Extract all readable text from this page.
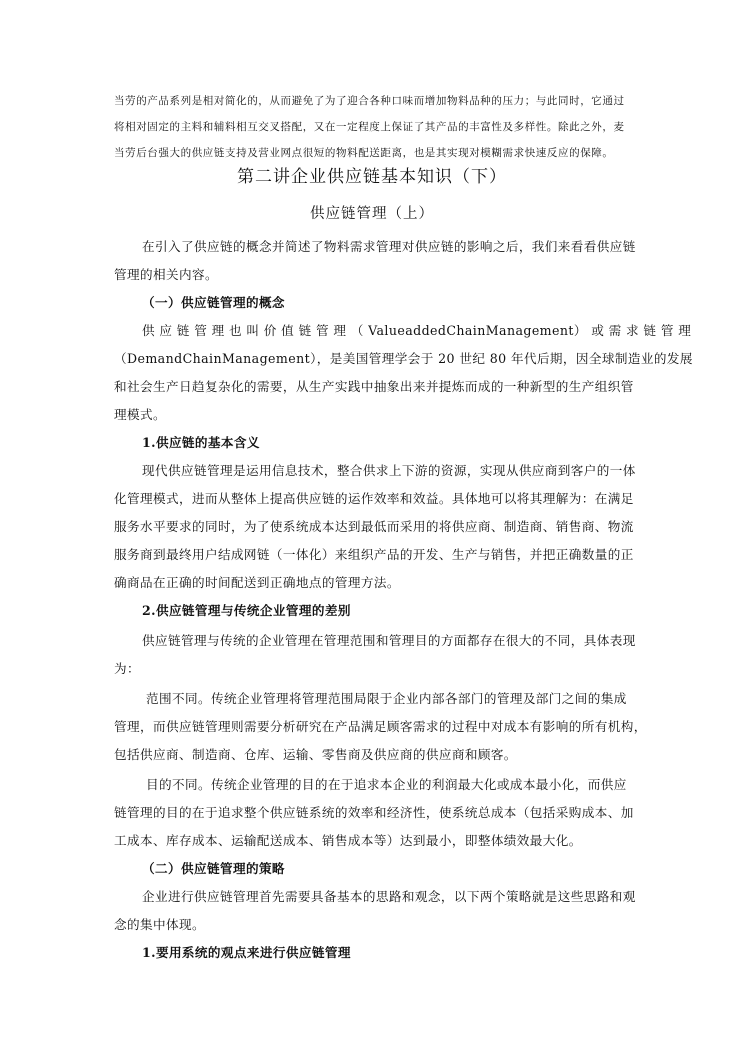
当劳的产品系列是相对简化的，从而避免了为了迎合各种口味而增加物料品种的压力；与此同时，它通过

将相对固定的主料和辅料相互交叉搭配，又在一定程度上保证了其产品的丰富性及多样性。除此之外，麦

当劳后台强大的供应链支持及营业网点很短的物料配送距离，也是其实现对模糊需求快速反应的保障。

第二讲企业供应链基本知识（下）
供应链管理（上）
在引入了供应链的概念并简述了物料需求管理对供应链的影响之后，我们来看看供应链
管理的相关内容。
（一）供应链管理的概念
供 应 链 管 理 也 叫 价 值 链 管 理 （ ValueaddedChainManagement） 或 需 求 链 管 理
（DemandChainManagement），是美国管理学会于 20 世纪 80 年代后期，因全球制造业的发展
和社会生产日趋复杂化的需要，从生产实践中抽象出来并提炼而成的一种新型的生产组织管
理模式。
1.供应链的基本含义
现代供应链管理是运用信息技术，整合供求上下游的资源，实现从供应商到客户的一体
化管理模式，进而从整体上提高供应链的运作效率和效益。具体地可以将其理解为：在满足
服务水平要求的同时，为了使系统成本达到最低而采用的将供应商、制造商、销售商、物流
服务商到最终用户结成网链（一体化）来组织产品的开发、生产与销售，并把正确数量的正
确商品在正确的时间配送到正确地点的管理方法。
2.供应链管理与传统企业管理的差别
供应链管理与传统的企业管理在管理范围和管理目的方面都存在很大的不同，具体表现
为：
范围不同。传统企业管理将管理范围局限于企业内部各部门的管理及部门之间的集成
管理，而供应链管理则需要分析研究在产品满足顾客需求的过程中对成本有影响的所有机构，
包括供应商、制造商、仓库、运输、零售商及供应商的供应商和顾客。
目的不同。传统企业管理的目的在于追求本企业的利润最大化或成本最小化，而供应
链管理的目的在于追求整个供应链系统的效率和经济性，使系统总成本（包括采购成本、加
工成本、库存成本、运输配送成本、销售成本等）达到最小，即整体绩效最大化。
（二）供应链管理的策略
企业进行供应链管理首先需要具备基本的思路和观念，以下两个策略就是这些思路和观
念的集中体现。
1.要用系统的观点来进行供应链管理
